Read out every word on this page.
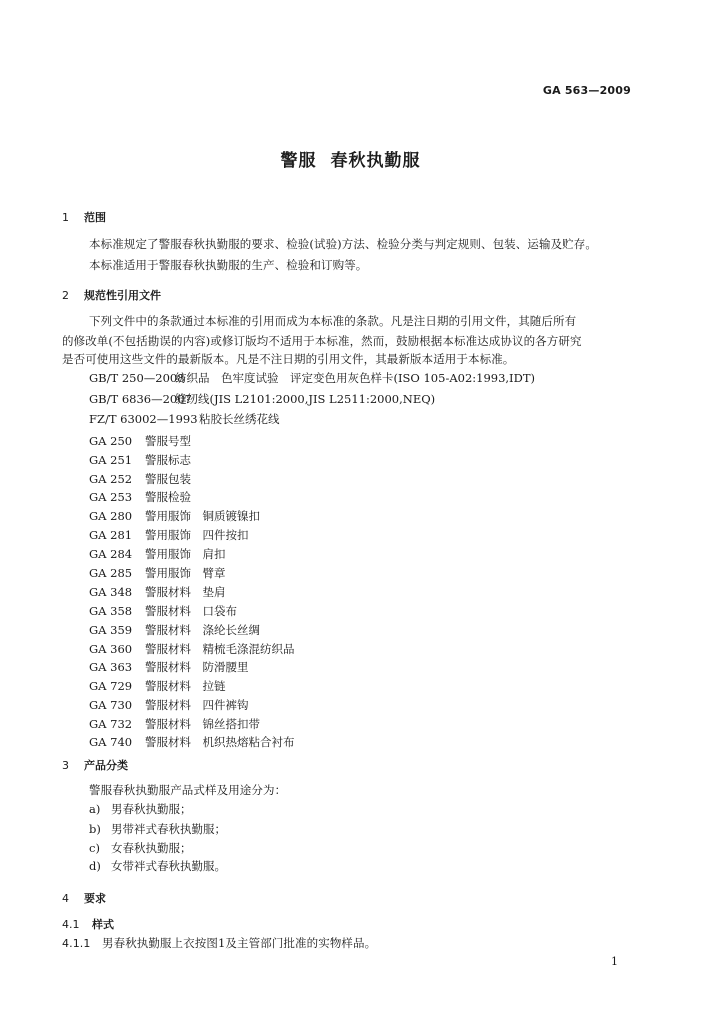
GA 563—2009
警服 春秋执勤服
1 范围
本标准规定了警服春秋执勤服的要求、检验(试验)方法、检验分类与判定规则、包装、运输及贮存。
本标准适用于警服春秋执勤服的生产、检验和订购等。
2 规范性引用文件
下列文件中的条款通过本标准的引用而成为本标准的条款。凡是注日期的引用文件，其随后所有
的修改单(不包括勘误的内容)或修订版均不适用于本标准，然而，鼓励根据本标准达成协议的各方研究
是否可使用这些文件的最新版本。凡是不注日期的引用文件，其最新版本适用于本标准。
GB/T 250—2008纺织品　色牢度试验　评定变色用灰色样卡(ISO 105-A02:1993,IDT)
GB/T 6836—2007缝纫线(JIS L2101:2000,JIS L2511:2000,NEQ)
FZ/T 63002—1993粘胶长丝绣花线
GA 250 警服号型
GA 251 警服标志
GA 252 警服包装
GA 253 警服检验
GA 280 警用服饰　铜质镀镍扣
GA 281 警用服饰　四件按扣
GA 284 警用服饰　肩扣
GA 285 警用服饰　臂章
GA 348 警服材料　垫肩
GA 358 警服材料　口袋布
GA 359 警服材料　涤纶长丝绸
GA 360 警服材料　精梳毛涤混纺织品
GA 363 警服材料　防滑腰里
GA 729 警服材料　拉链
GA 730 警服材料　四件裤钩
GA 732 警服材料　锦丝搭扣带
GA 740 警服材料　机织热熔粘合衬布
3 产品分类
警服春秋执勤服产品式样及用途分为：
a) 男春秋执勤服；
b) 男带袢式春秋执勤服；
c) 女春秋执勤服；
d) 女带袢式春秋执勤服。
4 要求
4.1 样式
4.1.1 男春秋执勤服上衣按图1及主管部门批准的实物样品。
1
